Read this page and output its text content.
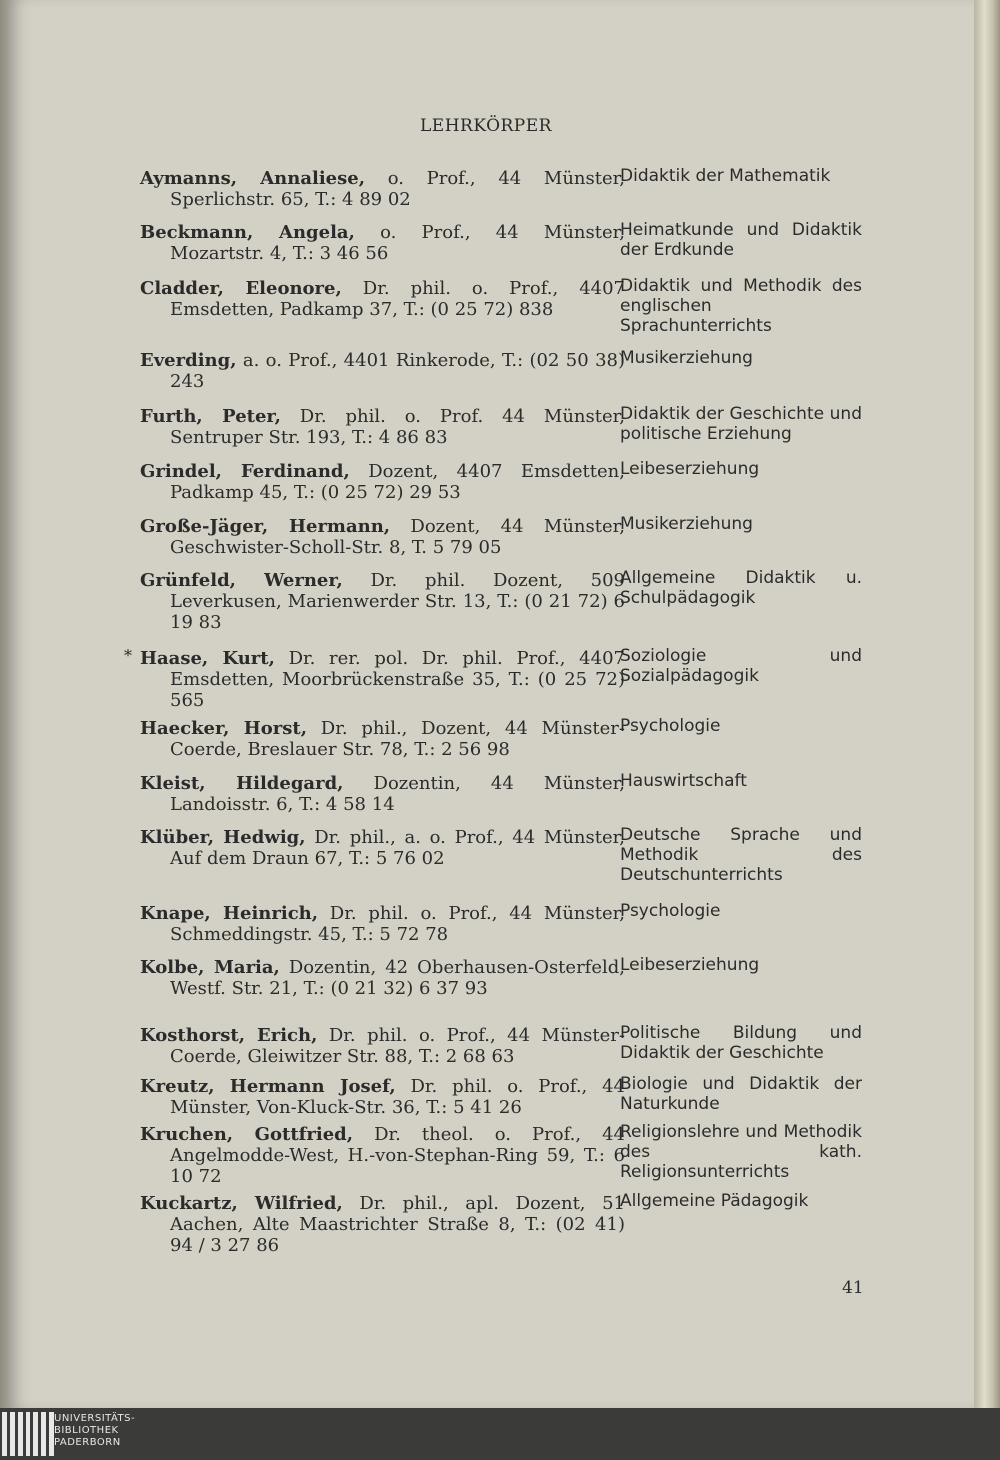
LEHRKÖRPER
Aymanns, Annaliese, o. Prof., 44 Münster, Sperlichstr. 65, T.: 4 89 02
Didaktik der Mathematik
Beckmann, Angela, o. Prof., 44 Münster, Mozartstr. 4, T.: 3 46 56
Heimatkunde und Didaktik der Erdkunde
Cladder, Eleonore, Dr. phil. o. Prof., 4407 Emsdetten, Padkamp 37, T.: (0 25 72) 838
Didaktik und Methodik des englischen Sprachunterrichts
Everding, a. o. Prof., 4401 Rinkerode, T.: (02 50 38) 243
Musikerziehung
Furth, Peter, Dr. phil. o. Prof. 44 Münster, Sentruper Str. 193, T.: 4 86 83
Didaktik der Geschichte und politische Erziehung
Grindel, Ferdinand, Dozent, 4407 Emsdetten, Padkamp 45, T.: (0 25 72) 29 53
Leibeserziehung
Große-Jäger, Hermann, Dozent, 44 Münster, Geschwister-Scholl-Str. 8, T. 5 79 05
Musikerziehung
Grünfeld, Werner, Dr. phil. Dozent, 509 Leverkusen, Marienwerder Str. 13, T.: (0 21 72) 6 19 83
Allgemeine Didaktik u. Schulpädagogik
Haase, Kurt, Dr. rer. pol. Dr. phil. Prof., 4407 Emsdetten, Moorbrückenstraße 35, T.: (0 25 72) 565
Soziologie und Sozialpädagogik
*
Haecker, Horst, Dr. phil., Dozent, 44 Münster-Coerde, Breslauer Str. 78, T.: 2 56 98
Psychologie
Kleist, Hildegard, Dozentin, 44 Münster, Landoisstr. 6, T.: 4 58 14
Hauswirtschaft
Klüber, Hedwig, Dr. phil., a. o. Prof., 44 Münster, Auf dem Draun 67, T.: 5 76 02
Deutsche Sprache und Methodik des Deutschunterrichts
Knape, Heinrich, Dr. phil. o. Prof., 44 Münster, Schmeddingstr. 45, T.: 5 72 78
Psychologie
Kolbe, Maria, Dozentin, 42 Oberhausen-Osterfeld, Westf. Str. 21, T.: (0 21 32) 6 37 93
Leibeserziehung
Kosthorst, Erich, Dr. phil. o. Prof., 44 Münster-Coerde, Gleiwitzer Str. 88, T.: 2 68 63
Politische Bildung und Didaktik der Geschichte
Kreutz, Hermann Josef, Dr. phil. o. Prof., 44 Münster, Von-Kluck-Str. 36, T.: 5 41 26
Biologie und Didaktik der Naturkunde
Kruchen, Gottfried, Dr. theol. o. Prof., 44 Angelmodde-West, H.-von-Stephan-Ring 59, T.: 6 10 72
Religionslehre und Methodik des kath. Religionsunterrichts
Kuckartz, Wilfried, Dr. phil., apl. Dozent, 51 Aachen, Alte Maastrichter Straße 8, T.: (02 41) 94 / 3 27 86
Allgemeine Pädagogik
41
UNIVERSITÄTS-
BIBLIOTHEK
PADERBORN
